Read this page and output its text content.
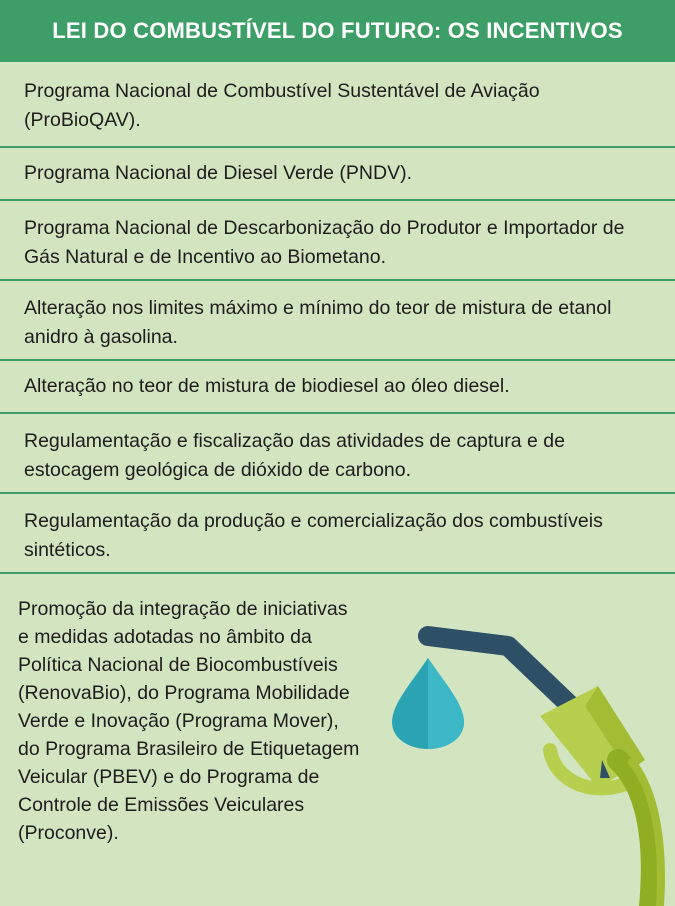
LEI DO COMBUSTÍVEL DO FUTURO: OS INCENTIVOS
Programa Nacional de Combustível Sustentável de Aviação (ProBioQAV).
Programa Nacional de Diesel Verde (PNDV).
Programa Nacional de Descarbonização do Produtor e Importador de Gás Natural e de Incentivo ao Biometano.
Alteração nos limites máximo e mínimo do teor de mistura de etanol anidro à gasolina.
Alteração no teor de mistura de biodiesel ao óleo diesel.
Regulamentação e fiscalização das atividades de captura e de estocagem geológica de dióxido de carbono.
Regulamentação da produção e comercialização dos combustíveis sintéticos.

Promoção da integração de iniciativas e medidas adotadas no âmbito da Política Nacional de Biocombustíveis (RenovaBio), do Programa Mobilidade Verde e Inovação (Programa Mover), do Programa Brasileiro de Etiquetagem Veicular (PBEV) e do Programa de Controle de Emissões Veiculares (Proconve).
